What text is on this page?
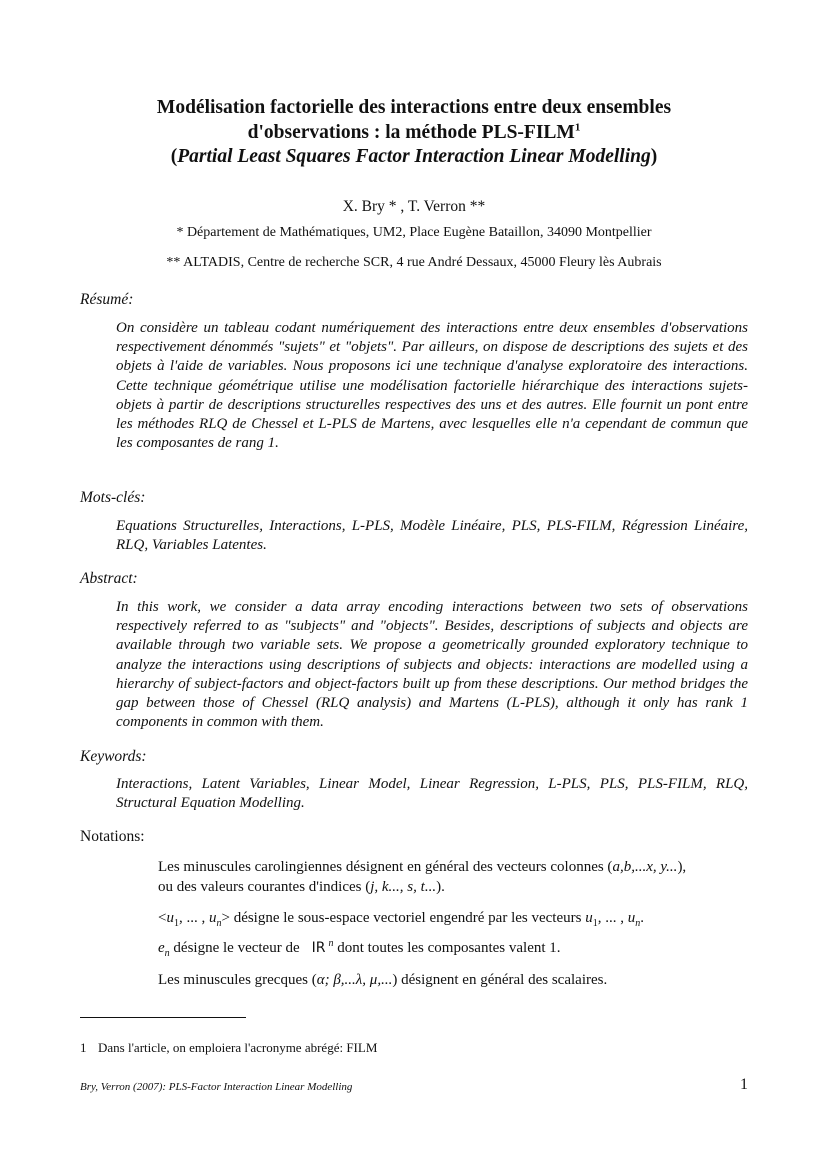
Modélisation factorielle des interactions entre deux ensembles
d'observations : la méthode PLS-FILM$^1$
(Partial Least Squares Factor Interaction Linear Modelling)
X. Bry * , T. Verron **
* Département de Mathématiques, UM2, Place Eugène Bataillon, 34090 Montpellier
** ALTADIS, Centre de recherche SCR, 4 rue André Dessaux, 45000 Fleury lès Aubrais
Résumé:
On considère un tableau codant numériquement des interactions entre deux ensembles d'observations respectivement dénommés "sujets" et "objets". Par ailleurs, on dispose de descriptions des sujets et des objets à l'aide de variables. Nous proposons ici une technique d'analyse exploratoire des interactions. Cette technique géométrique utilise une modélisation factorielle hiérarchique des interactions sujets-objets à partir de descriptions structurelles respectives des uns et des autres. Elle fournit un pont entre les méthodes RLQ de Chessel et L-PLS de Martens, avec lesquelles elle n'a cependant de commun que les composantes de rang 1.
Mots-clés:
Equations Structurelles, Interactions, L-PLS, Modèle Linéaire, PLS, PLS-FILM, Régression Linéaire, RLQ, Variables Latentes.
Abstract:
In this work, we consider a data array encoding interactions between two sets of observations respectively referred to as "subjects" and "objects". Besides, descriptions of subjects and objects are available through two variable sets. We propose a geometrically grounded exploratory technique to analyze the interactions using descriptions of subjects and objects: interactions are modelled using a hierarchy of subject-factors and object-factors built up from these descriptions. Our method bridges the gap between those of Chessel (RLQ analysis) and Martens (L-PLS), although it only has rank 1 components in common with them.
Keywords:
Interactions, Latent Variables, Linear Model, Linear Regression, L-PLS, PLS, PLS-FILM, RLQ, Structural Equation Modelling.
Notations:

Les minuscules carolingiennes désignent en général des vecteurs colonnes (a,b,...x, y...),

ou des valeurs courantes d'indices (j, k..., s, t...).

$<u_1$, ... , $u_n>$ désigne le sous-espace vectoriel engendré par les vecteurs $u_1$, ... , $u_n$.

$e_n$ désigne le vecteur de IR $^n$ dont toutes les composantes valent 1.

Les minuscules grecques (α; β,...λ, μ,...) désignent en général des scalaires.

1 Dans l'article, on emploiera l'acronyme abrégé: FILM
Bry, Verron (2007): PLS-Factor Interaction Linear Modelling	1
